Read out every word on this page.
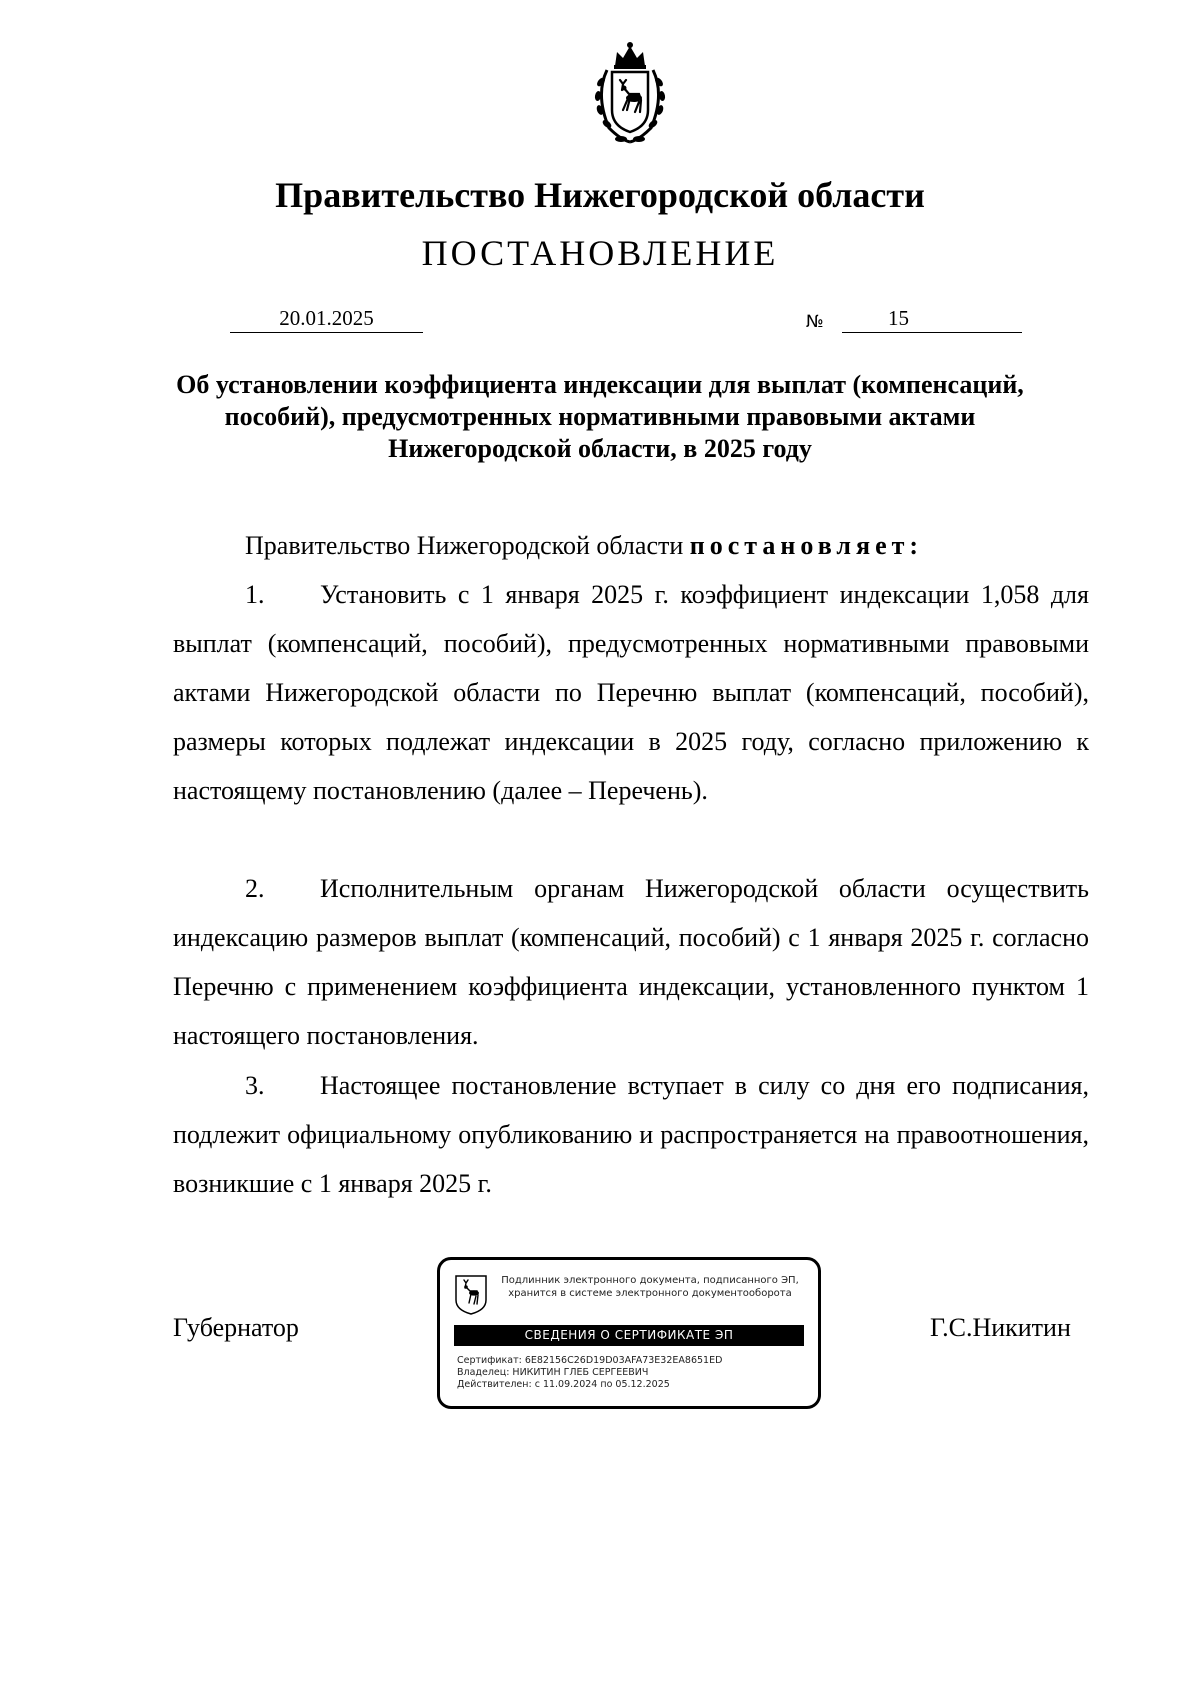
Правительство Нижегородской области
ПОСТАНОВЛЕНИЕ
20.01.2025	№	15
Об установлении коэффициента индексации для выплат (компенсаций, пособий), предусмотренных нормативными правовыми актами Нижегородской области, в 2025 году

Правительство Нижегородской области постановляет:

1. Установить с 1 января 2025 г. коэффициент индексации 1,058 для выплат (компенсаций, пособий), предусмотренных нормативными правовыми актами Нижегородской области по Перечню выплат (компенсаций, пособий), размеры которых подлежат индексации в 2025 году, согласно приложению к настоящему постановлению (далее – Перечень).

2. Исполнительным органам Нижегородской области осуществить индексацию размеров выплат (компенсаций, пособий) с 1 января 2025 г. согласно Перечню с применением коэффициента индексации, установленного пунктом 1 настоящего постановления.

3. Настоящее постановление вступает в силу со дня его подписания, подлежит официальному опубликованию и распространяется на правоотношения, возникшие с 1 января 2025 г.

Губернатор	Г.С.Никитин
Подлинник электронного документа, подписанного ЭП, хранится в системе электронного документооборота
СВЕДЕНИЯ О СЕРТИФИКАТЕ ЭП
Сертификат: 6E82156C26D19D03AFA73E32EA8651ED
Владелец: НИКИТИН ГЛЕБ СЕРГЕЕВИЧ
Действителен: с 11.09.2024 по 05.12.2025
